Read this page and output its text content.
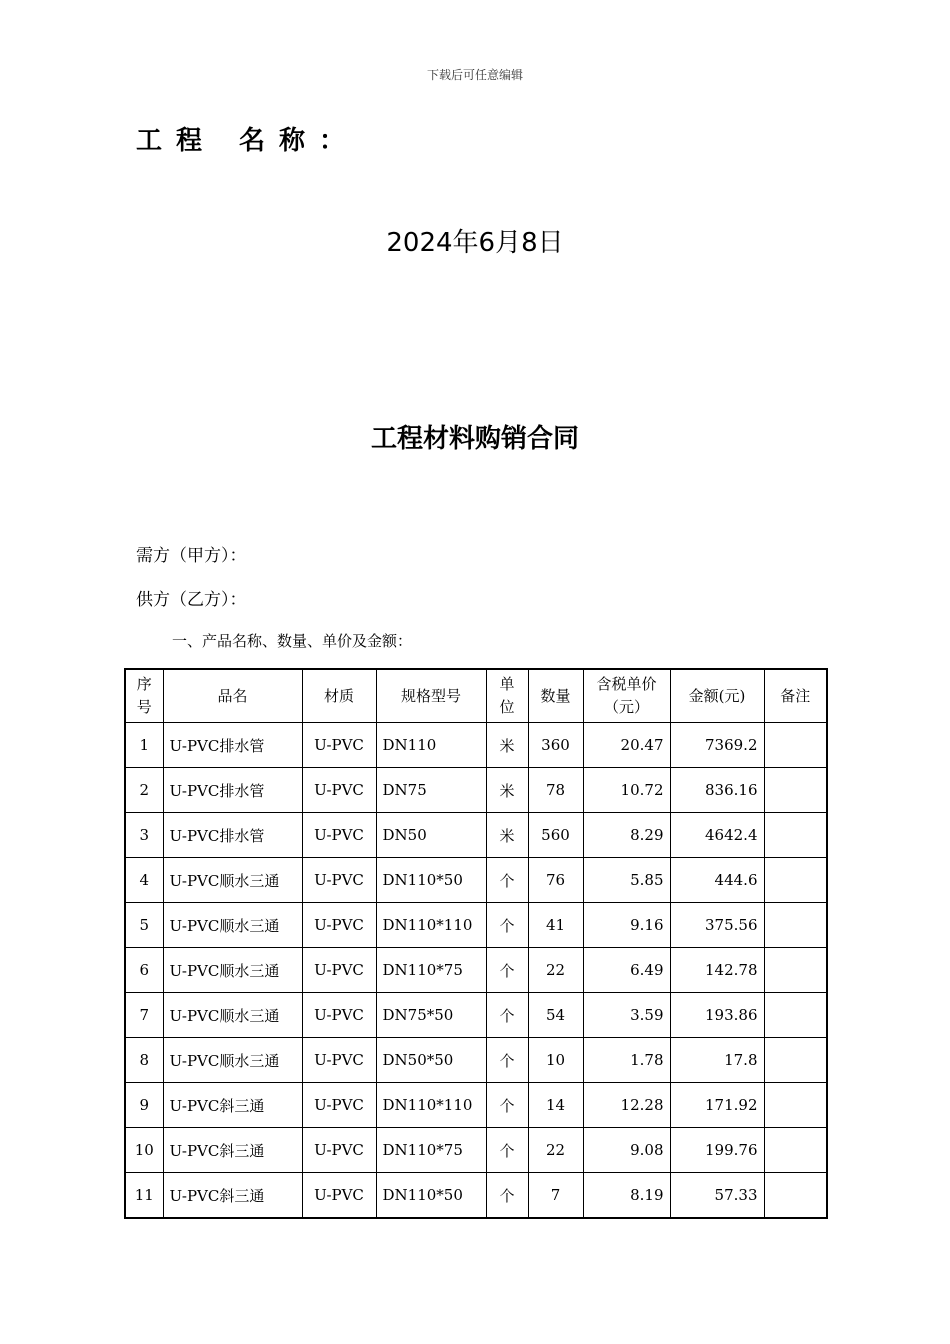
下载后可任意编辑
工程 名称：
2024年6月8日
工程材料购销合同
需方（甲方）：
供方（乙方）：
一、产品名称、数量、单价及金额：
序号	品名	材质	规格型号	单位	数量	含税单价（元）	金额(元)	备注
1	U-PVC排水管	U-PVC	DN110	米	360	20.47	7369.2	
2	U-PVC排水管	U-PVC	DN75	米	78	10.72	836.16	
3	U-PVC排水管	U-PVC	DN50	米	560	8.29	4642.4	
4	U-PVC顺水三通	U-PVC	DN110*50	个	76	5.85	444.6	
5	U-PVC顺水三通	U-PVC	DN110*110	个	41	9.16	375.56	
6	U-PVC顺水三通	U-PVC	DN110*75	个	22	6.49	142.78	
7	U-PVC顺水三通	U-PVC	DN75*50	个	54	3.59	193.86	
8	U-PVC顺水三通	U-PVC	DN50*50	个	10	1.78	17.8	
9	U-PVC斜三通	U-PVC	DN110*110	个	14	12.28	171.92	
10	U-PVC斜三通	U-PVC	DN110*75	个	22	9.08	199.76	
11	U-PVC斜三通	U-PVC	DN110*50	个	7	8.19	57.33	
